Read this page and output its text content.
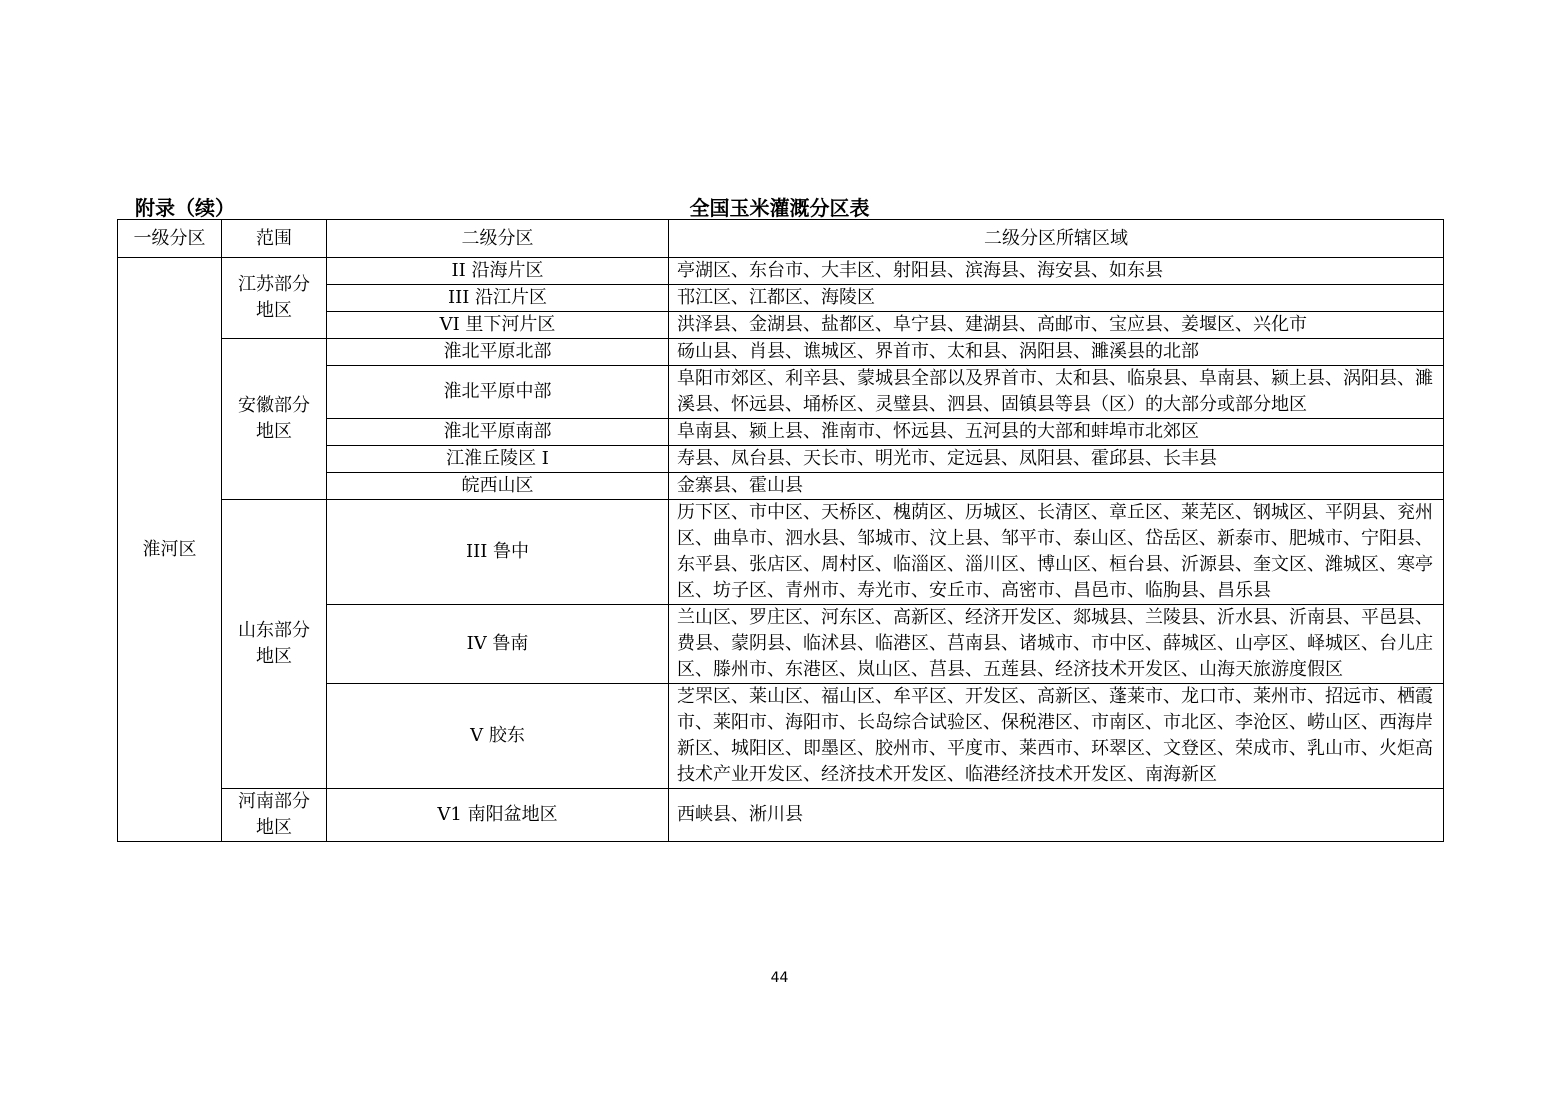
附录（续）	全国玉米灌溉分区表
一级分区	范围	二级分区	二级分区所辖区域
淮河区	江苏部分地区	II 沿海片区	亭湖区、东台市、大丰区、射阳县、滨海县、海安县、如东县
		III 沿江片区	邗江区、江都区、海陵区
		VI 里下河片区	洪泽县、金湖县、盐都区、阜宁县、建湖县、高邮市、宝应县、姜堰区、兴化市
	安徽部分地区	淮北平原北部	砀山县、肖县、谯城区、界首市、太和县、涡阳县、濉溪县的北部
		淮北平原中部	阜阳市郊区、利辛县、蒙城县全部以及界首市、太和县、临泉县、阜南县、颍上县、涡阳县、濉溪县、怀远县、埇桥区、灵璧县、泗县、固镇县等县（区）的大部分或部分地区
		淮北平原南部	阜南县、颍上县、淮南市、怀远县、五河县的大部和蚌埠市北郊区
		江淮丘陵区 I	寿县、凤台县、天长市、明光市、定远县、凤阳县、霍邱县、长丰县
		皖西山区	金寨县、霍山县
	山东部分地区	III 鲁中	历下区、市中区、天桥区、槐荫区、历城区、长清区、章丘区、莱芜区、钢城区、平阴县、兖州区、曲阜市、泗水县、邹城市、汶上县、邹平市、泰山区、岱岳区、新泰市、肥城市、宁阳县、东平县、张店区、周村区、临淄区、淄川区、博山区、桓台县、沂源县、奎文区、潍城区、寒亭区、坊子区、青州市、寿光市、安丘市、高密市、昌邑市、临朐县、昌乐县
		IV 鲁南	兰山区、罗庄区、河东区、高新区、经济开发区、郯城县、兰陵县、沂水县、沂南县、平邑县、费县、蒙阴县、临沭县、临港区、莒南县、诸城市、市中区、薛城区、山亭区、峄城区、台儿庄区、滕州市、东港区、岚山区、莒县、五莲县、经济技术开发区、山海天旅游度假区
		V 胶东	芝罘区、莱山区、福山区、牟平区、开发区、高新区、蓬莱市、龙口市、莱州市、招远市、栖霞市、莱阳市、海阳市、长岛综合试验区、保税港区、市南区、市北区、李沧区、崂山区、西海岸新区、城阳区、即墨区、胶州市、平度市、莱西市、环翠区、文登区、荣成市、乳山市、火炬高技术产业开发区、经济技术开发区、临港经济技术开发区、南海新区
	河南部分地区	V1 南阳盆地区	西峡县、淅川县
44
